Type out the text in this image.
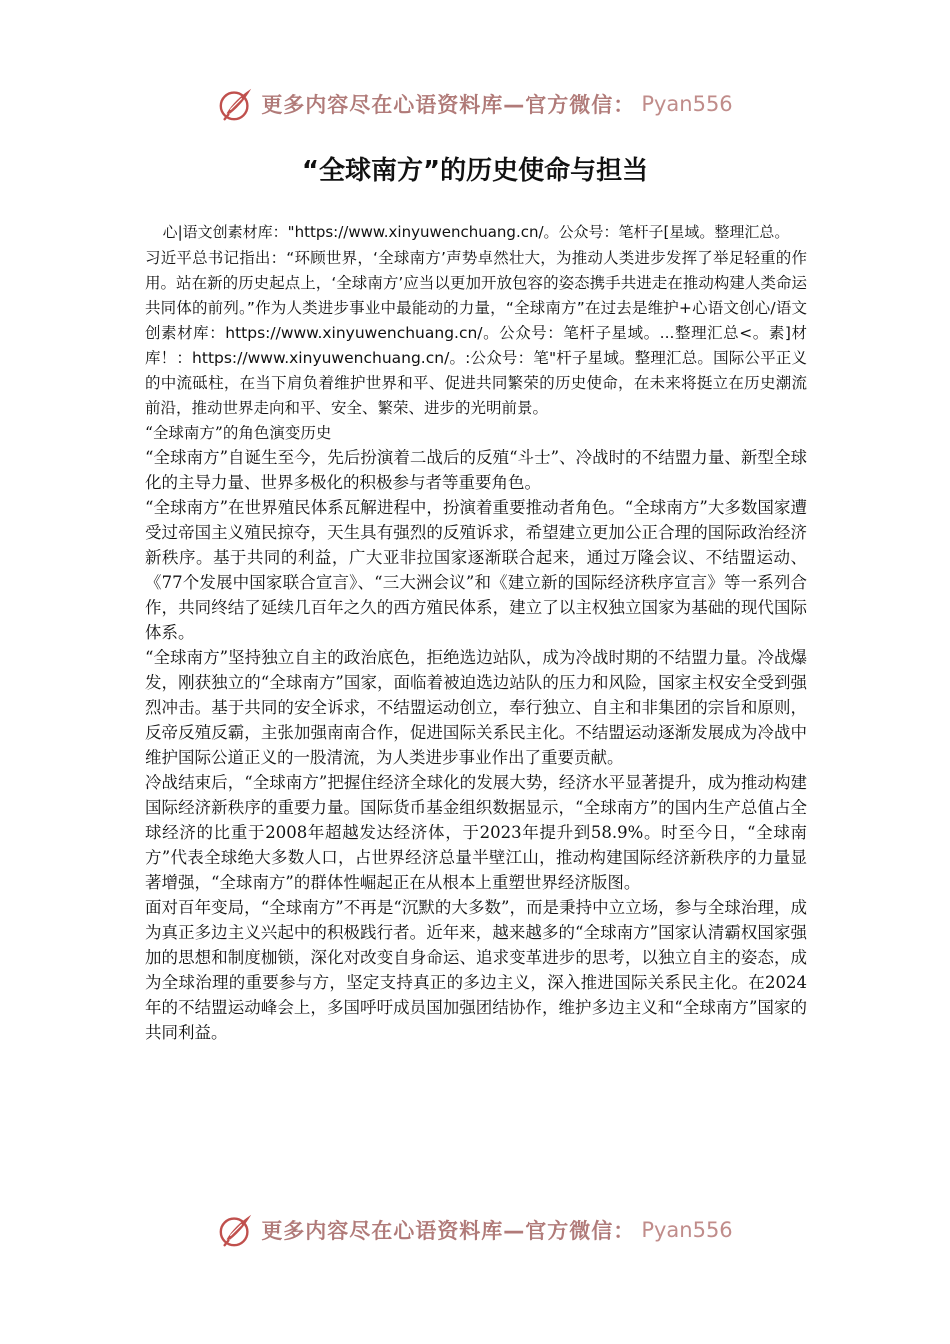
更多内容尽在心语资料库—官方微信： Pyan556
“全球南方”的历史使命与担当

心|语文创素材库："https://www.xinyuwenchuang.cn/。公众号：笔杆子[星域。整理汇总。

习近平总书记指出：“环顾世界，‘全球南方’声势卓然壮大，为推动人类进步发挥了举足轻重的作用。站在新的历史起点上，‘全球南方’应当以更加开放包容的姿态携手共进走在推动构建人类命运共同体的前列。”作为人类进步事业中最能动的力量，“全球南方”在过去是维护+心语文创心/语文创素材库：https://www.xinyuwenchuang.cn/。公众号：笔杆子星域。...整理汇总<。素]材库！：https://www.xinyuwenchuang.cn/。:公众号：笔"杆子星域。整理汇总。国际公平正义的中流砥柱，在当下肩负着维护世界和平、促进共同繁荣的历史使命，在未来将挺立在历史潮流前沿，推动世界走向和平、安全、繁荣、进步的光明前景。

“全球南方”的角色演变历史

“全球南方”自诞生至今，先后扮演着二战后的反殖“斗士”、冷战时的不结盟力量、新型全球化的主导力量、世界多极化的积极参与者等重要角色。

“全球南方”在世界殖民体系瓦解进程中，扮演着重要推动者角色。“全球南方”大多数国家遭受过帝国主义殖民掠夺，天生具有强烈的反殖诉求，希望建立更加公正合理的国际政治经济新秩序。基于共同的利益，广大亚非拉国家逐渐联合起来，通过万隆会议、不结盟运动、《77个发展中国家联合宣言》、“三大洲会议”和《建立新的国际经济秩序宣言》等一系列合作，共同终结了延续几百年之久的西方殖民体系，建立了以主权独立国家为基础的现代国际体系。

“全球南方”坚持独立自主的政治底色，拒绝选边站队，成为冷战时期的不结盟力量。冷战爆发，刚获独立的“全球南方”国家，面临着被迫选边站队的压力和风险，国家主权安全受到强烈冲击。基于共同的安全诉求，不结盟运动创立，奉行独立、自主和非集团的宗旨和原则，反帝反殖反霸，主张加强南南合作，促进国际关系民主化。不结盟运动逐渐发展成为冷战中维护国际公道正义的一股清流，为人类进步事业作出了重要贡献。

冷战结束后，“全球南方”把握住经济全球化的发展大势，经济水平显著提升，成为推动构建国际经济新秩序的重要力量。国际货币基金组织数据显示，“全球南方”的国内生产总值占全球经济的比重于2008年超越发达经济体，于2023年提升到58.9%。时至今日，“全球南方”代表全球绝大多数人口，占世界经济总量半壁江山，推动构建国际经济新秩序的力量显著增强，“全球南方”的群体性崛起正在从根本上重塑世界经济版图。

面对百年变局，“全球南方”不再是“沉默的大多数”，而是秉持中立立场，参与全球治理，成为真正多边主义兴起中的积极践行者。近年来，越来越多的“全球南方”国家认清霸权国家强加的思想和制度枷锁，深化对改变自身命运、追求变革进步的思考，以独立自主的姿态，成为全球治理的重要参与方，坚定支持真正的多边主义，深入推进国际关系民主化。在2024年的不结盟运动峰会上，多国呼吁成员国加强团结协作，维护多边主义和“全球南方”国家的共同利益。

更多内容尽在心语资料库—官方微信： Pyan556
